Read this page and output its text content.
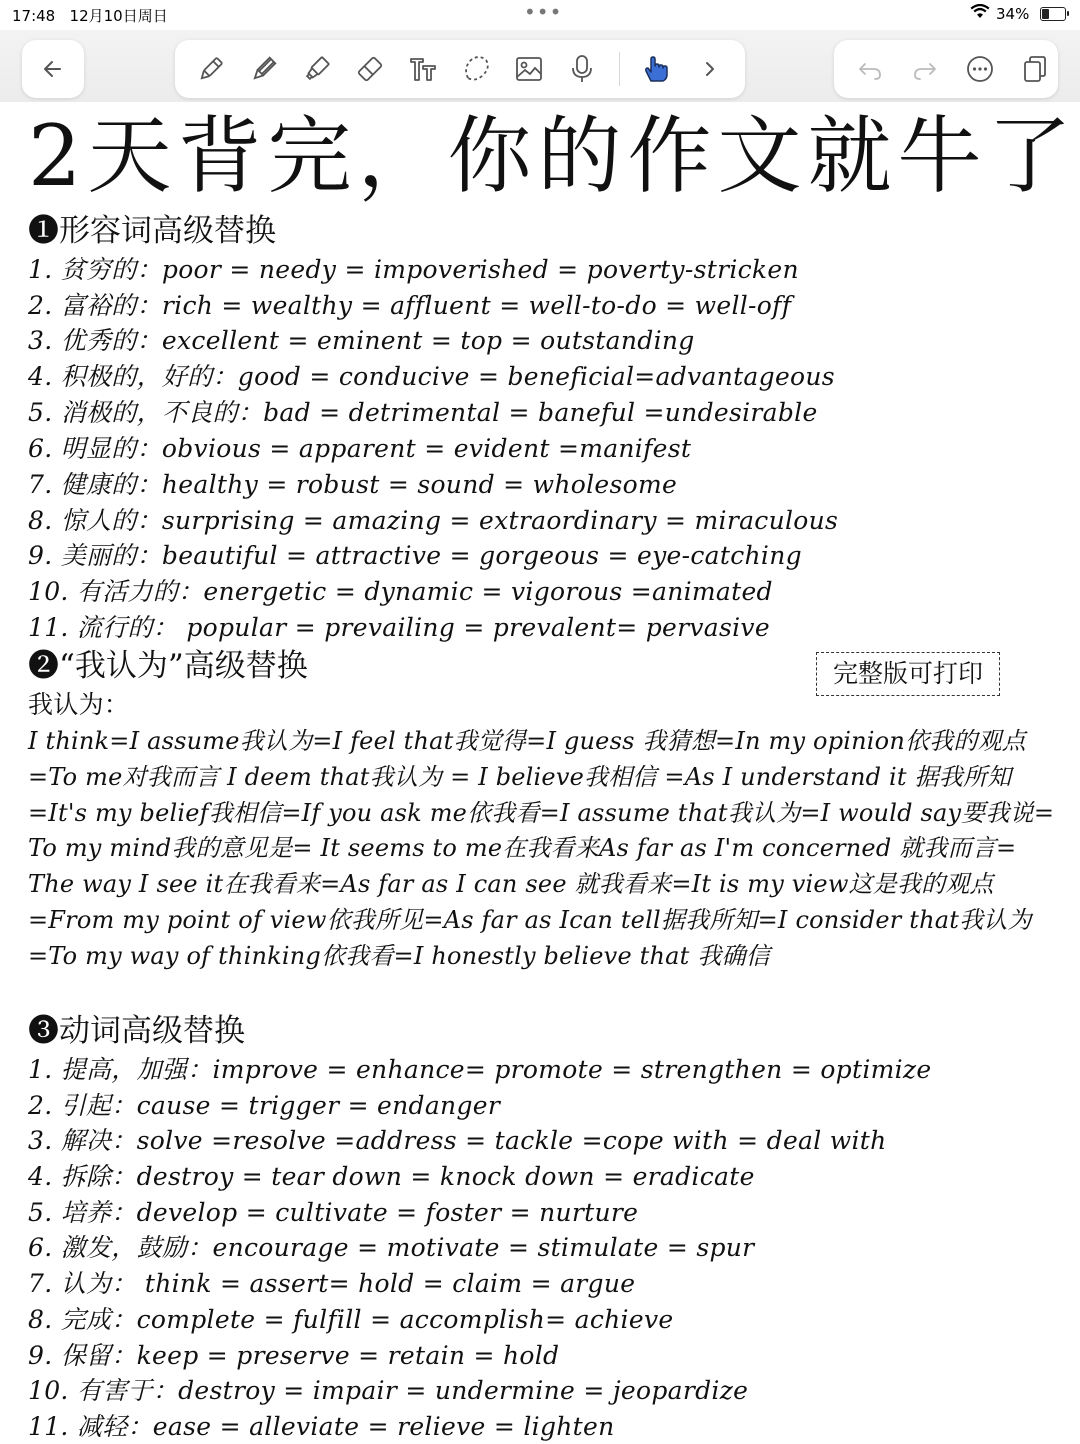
17:48 12月10日周日	•••	34%
2天背完，你的作文就牛了
❶形容词高级替换
1. 贫穷的：poor = needy = impoverished = poverty-stricken
2. 富裕的：rich = wealthy = affluent = well-to-do = well-off
3. 优秀的：excellent = eminent = top = outstanding
4. 积极的，好的：good = conducive = beneficial=advantageous
5. 消极的，不良的：bad = detrimental = baneful =undesirable
6. 明显的：obvious = apparent = evident =manifest
7. 健康的：healthy = robust = sound = wholesome
8. 惊人的：surprising = amazing = extraordinary = miraculous
9. 美丽的：beautiful = attractive = gorgeous = eye-catching
10. 有活力的：energetic = dynamic = vigorous =animated
11. 流行的： popular = prevailing = prevalent= pervasive
❷“我认为”高级替换	完整版可打印
我认为：
I think=I assume我认为=I feel that我觉得=I guess 我猜想=In my opinion依我的观点 =To me对我而言 I deem that我认为 = I believe我相信 =As I understand it 据我所知=It's my belief我相信=If you ask me依我看=I assume that我认为=I would say要我说= To my mind我的意见是= It seems to me在我看来As far as I'm concerned 就我而言= The way I see it在我看来=As far as I can see 就我看来=It is my view这是我的观点=From my point of view依我所见=As far as Ican tell据我所知=I consider that我认为=To my way of thinking依我看=I honestly believe that 我确信
❸动词高级替换
1. 提高，加强：improve = enhance= promote = strengthen = optimize
2. 引起：cause = trigger = endanger
3. 解决：solve =resolve =address = tackle =cope with = deal with
4. 拆除：destroy = tear down = knock down = eradicate
5. 培养：develop = cultivate = foster = nurture
6. 激发，鼓励：encourage = motivate = stimulate = spur
7. 认为： think = assert= hold = claim = argue
8. 完成：complete = fulfill = accomplish= achieve
9. 保留：keep = preserve = retain = hold
10. 有害于：destroy = impair = undermine = jeopardize
11. 减轻：ease = alleviate = relieve = lighten
